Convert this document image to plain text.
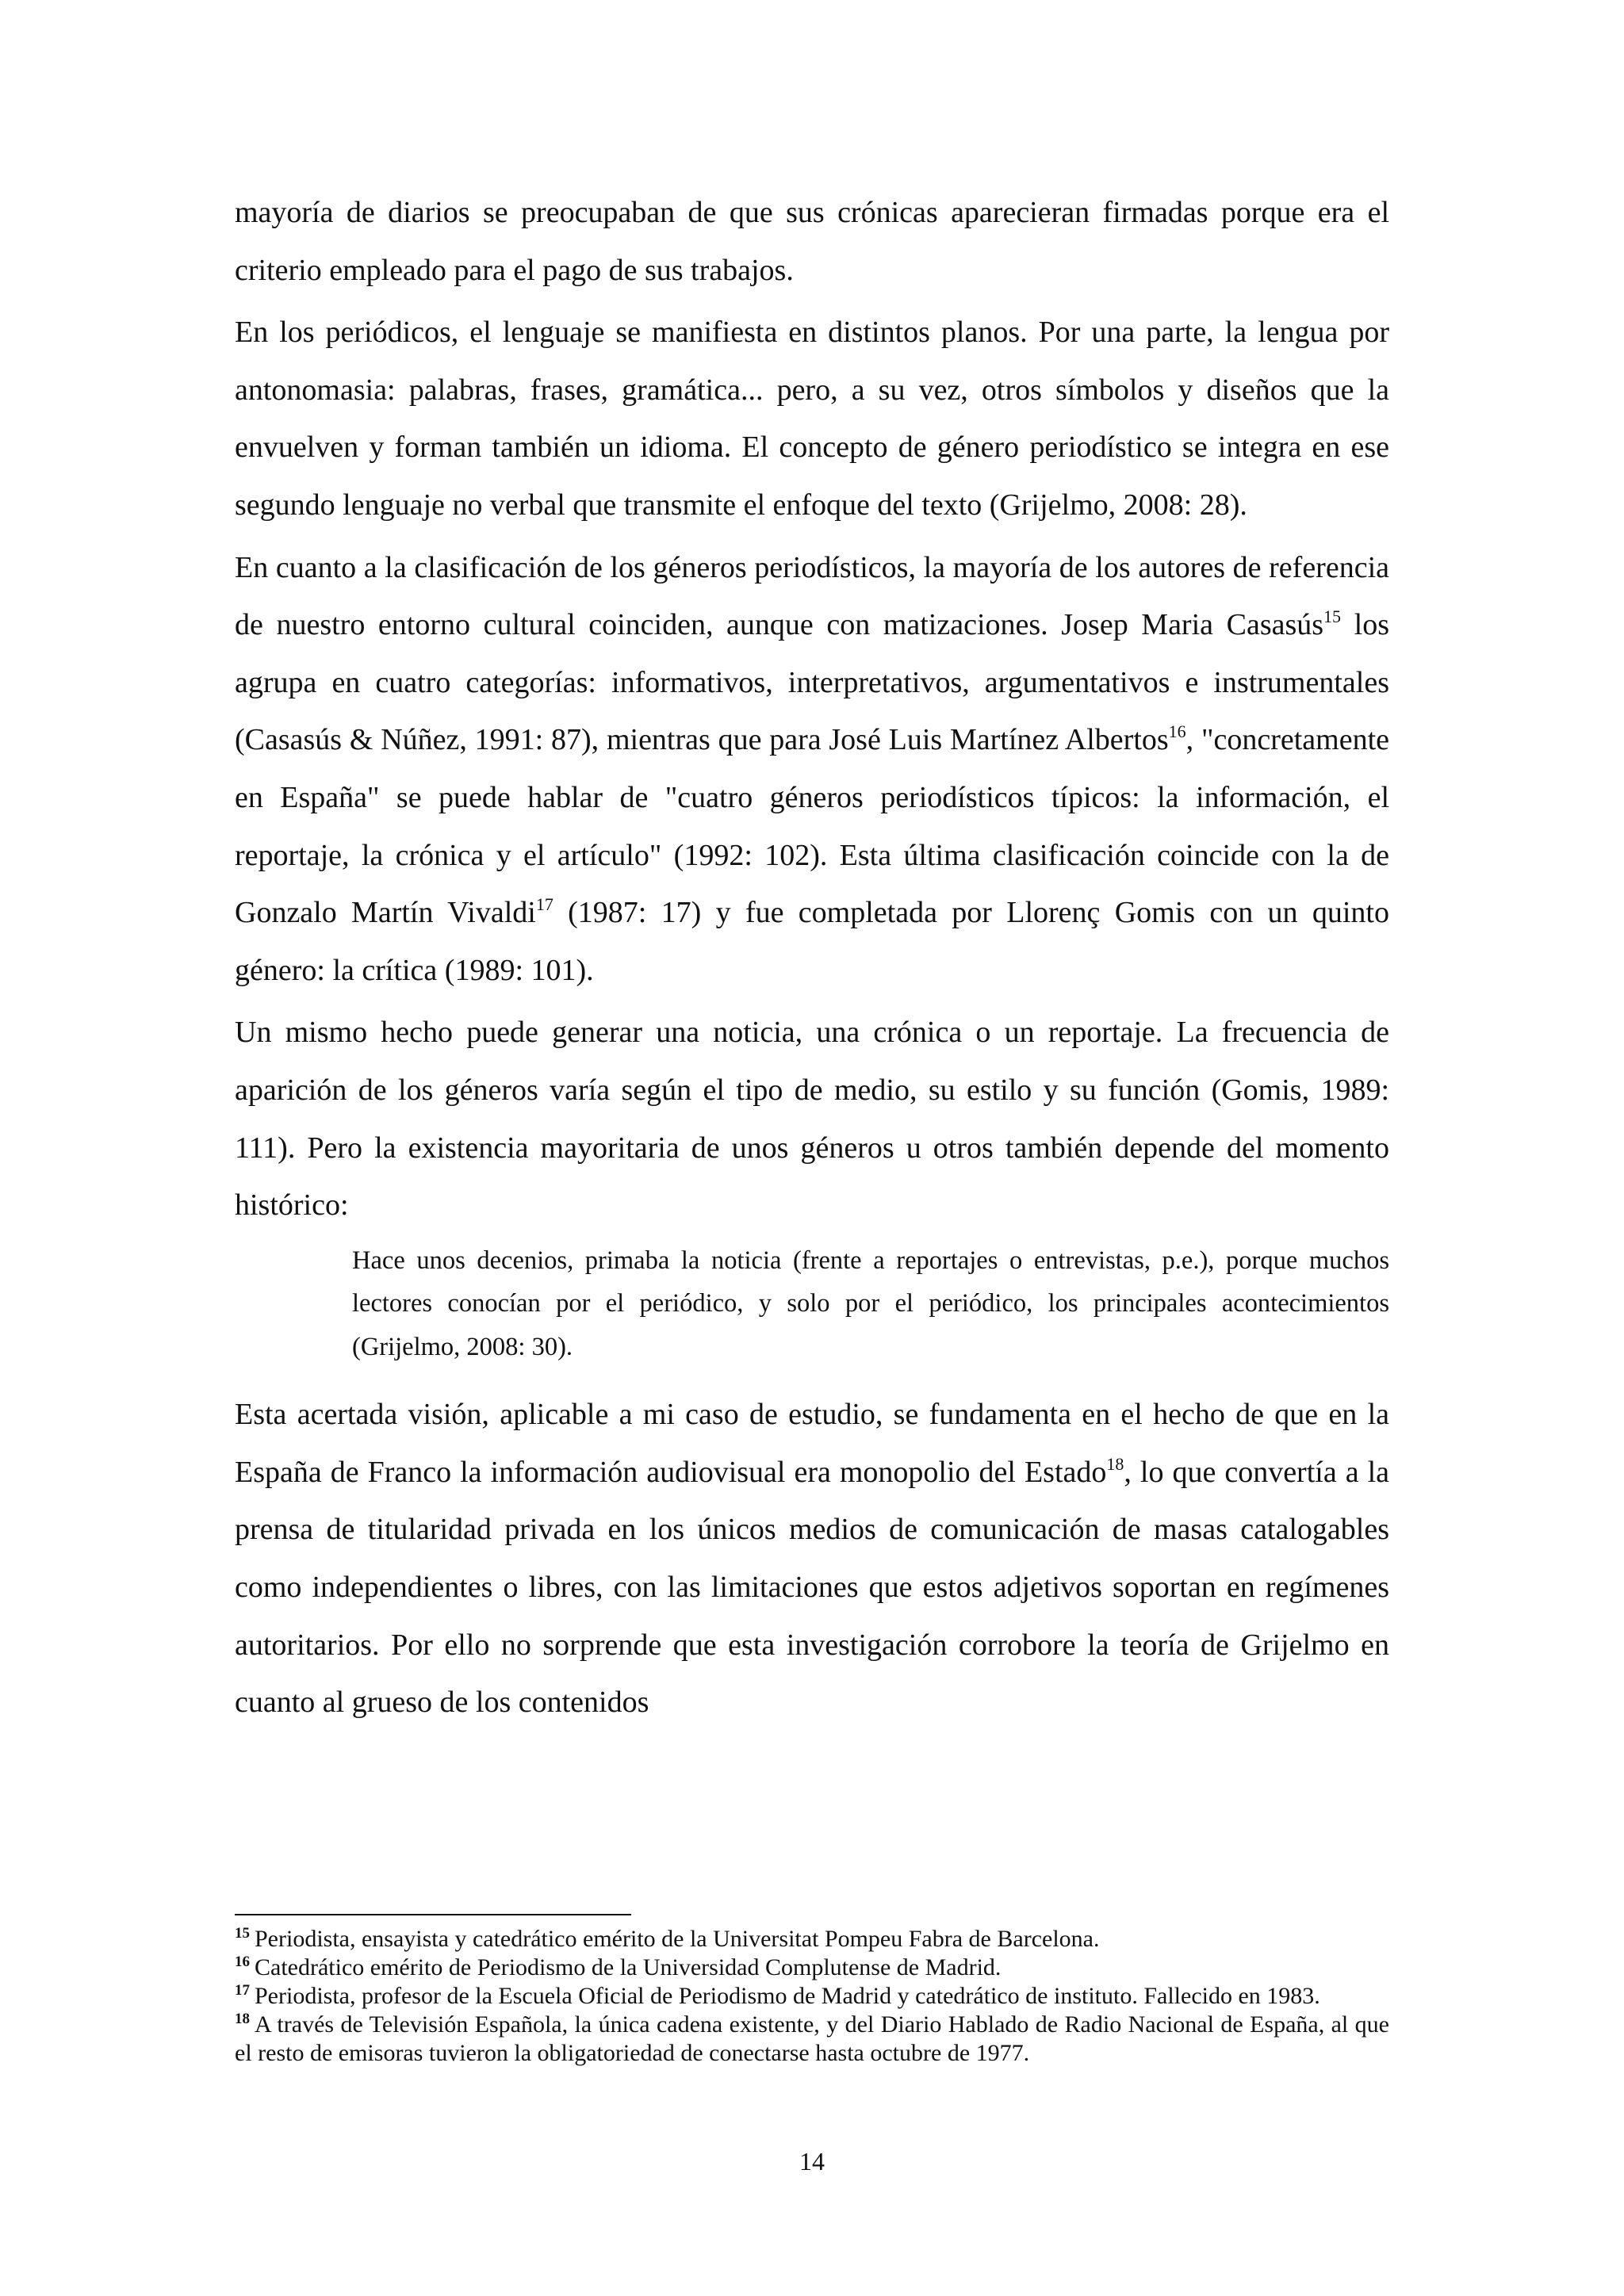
mayoría de diarios se preocupaban de que sus crónicas aparecieran firmadas porque era el criterio empleado para el pago de sus trabajos.

En los periódicos, el lenguaje se manifiesta en distintos planos. Por una parte, la lengua por antonomasia: palabras, frases, gramática... pero, a su vez, otros símbolos y diseños que la envuelven y forman también un idioma. El concepto de género periodístico se integra en ese segundo lenguaje no verbal que transmite el enfoque del texto (Grijelmo, 2008: 28).

En cuanto a la clasificación de los géneros periodísticos, la mayoría de los autores de referencia de nuestro entorno cultural coinciden, aunque con matizaciones. Josep Maria Casasús$^{15}$ los agrupa en cuatro categorías: informativos, interpretativos, argumentativos e instrumentales (Casasús & Núñez, 1991: 87), mientras que para José Luis Martínez Albertos$^{16}$, "concretamente en España" se puede hablar de "cuatro géneros periodísticos típicos: la información, el reportaje, la crónica y el artículo" (1992: 102). Esta última clasificación coincide con la de Gonzalo Martín Vivaldi$^{17}$ (1987: 17) y fue completada por Llorenç Gomis con un quinto género: la crítica (1989: 101).

Un mismo hecho puede generar una noticia, una crónica o un reportaje. La frecuencia de aparición de los géneros varía según el tipo de medio, su estilo y su función (Gomis, 1989: 111). Pero la existencia mayoritaria de unos géneros u otros también depende del momento histórico:

Hace unos decenios, primaba la noticia (frente a reportajes o entrevistas, p.e.), porque muchos lectores conocían por el periódico, y solo por el periódico, los principales acontecimientos (Grijelmo, 2008: 30).

Esta acertada visión, aplicable a mi caso de estudio, se fundamenta en el hecho de que en la España de Franco la información audiovisual era monopolio del Estado$^{18}$, lo que convertía a la prensa de titularidad privada en los únicos medios de comunicación de masas catalogables como independientes o libres, con las limitaciones que estos adjetivos soportan en regímenes autoritarios. Por ello no sorprende que esta investigación corrobore la teoría de Grijelmo en cuanto al grueso de los contenidos

$^{15}$ Periodista, ensayista y catedrático emérito de la Universitat Pompeu Fabra de Barcelona.

$^{16}$ Catedrático emérito de Periodismo de la Universidad Complutense de Madrid.

$^{17}$ Periodista, profesor de la Escuela Oficial de Periodismo de Madrid y catedrático de instituto. Fallecido en 1983.

$^{18}$ A través de Televisión Española, la única cadena existente, y del Diario Hablado de Radio Nacional de España, al que el resto de emisoras tuvieron la obligatoriedad de conectarse hasta octubre de 1977.

14
